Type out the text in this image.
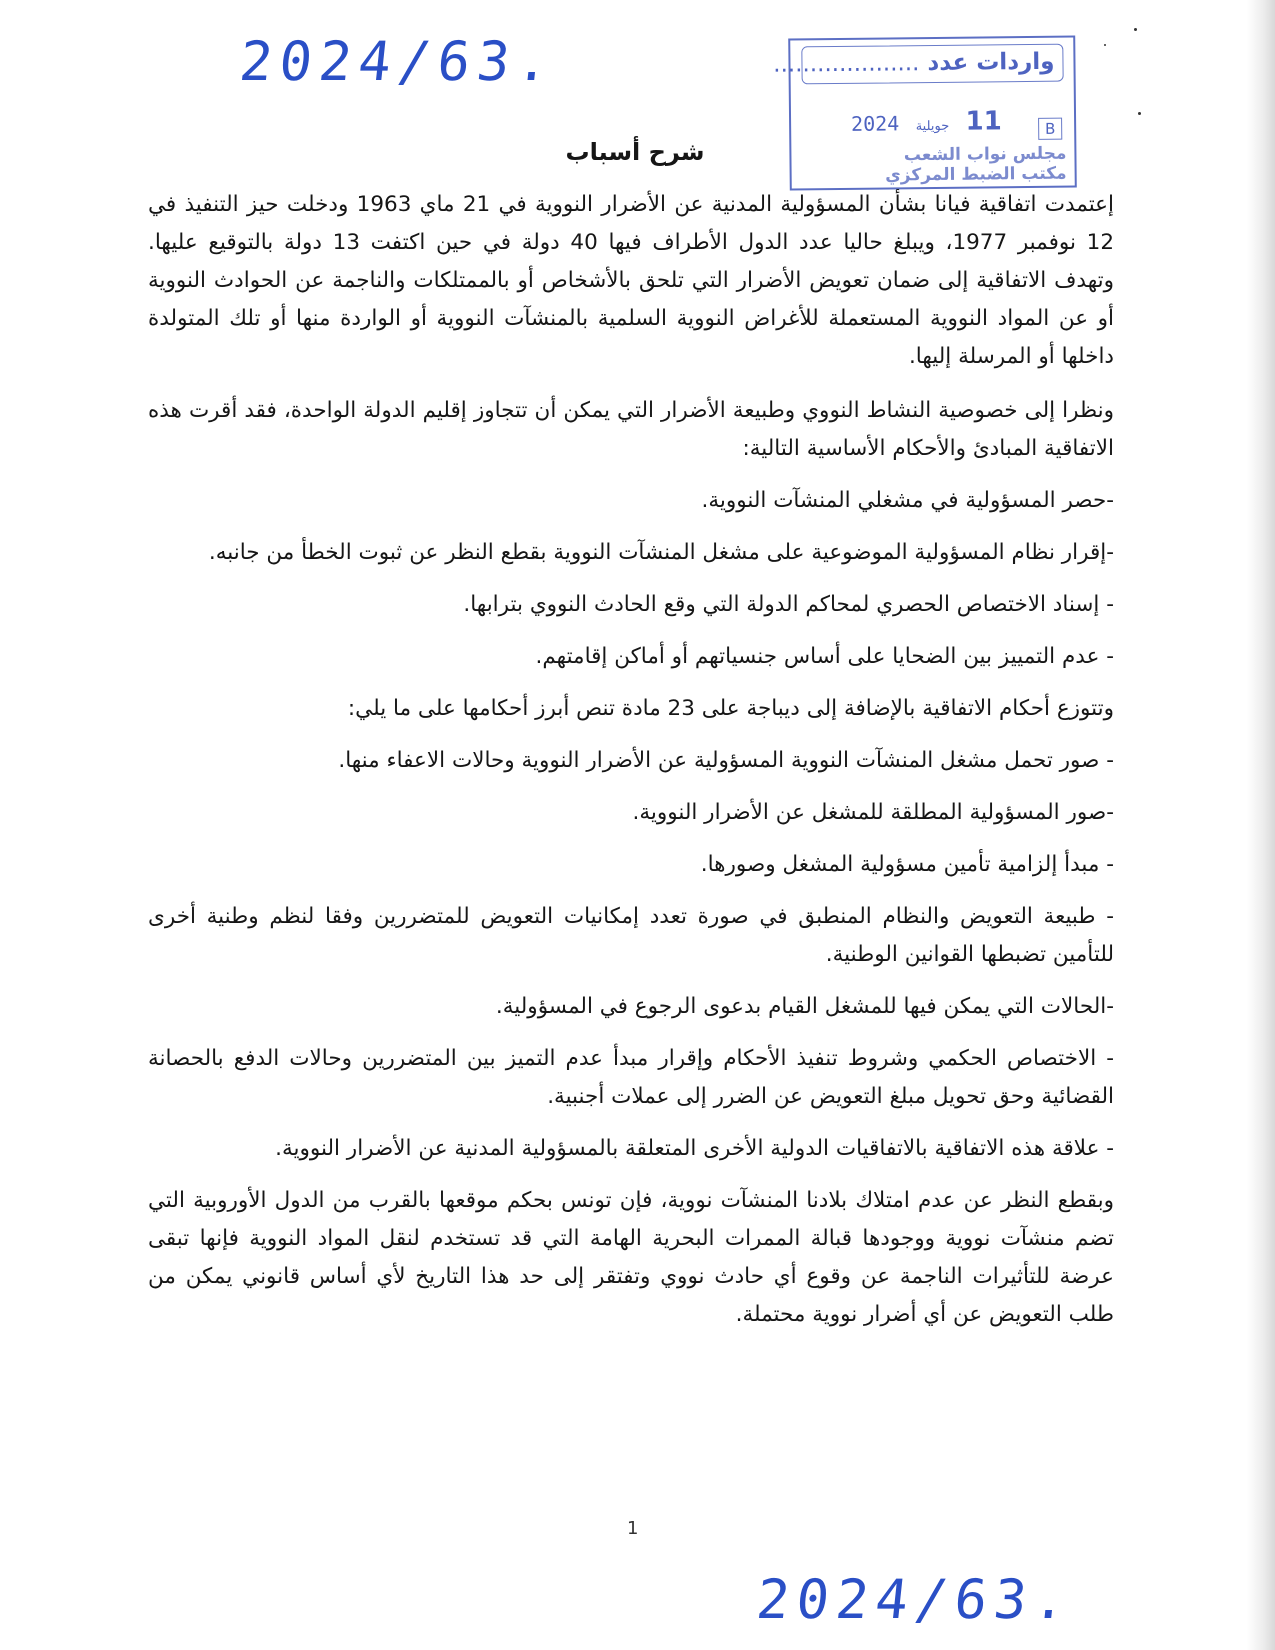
2024/63.	واردات عدد ....................
11 جويلية 2024	B
مجلس نواب الشعب
مكتب الضبط المركزي
شرح أسباب

إعتمدت اتفاقية فيانا بشأن المسؤولية المدنية عن الأضرار النووية في 21 ماي 1963 ودخلت حيز التنفيذ في 12 نوفمبر 1977، ويبلغ حاليا عدد الدول الأطراف فيها 40 دولة في حين اكتفت 13 دولة بالتوقيع عليها. وتهدف الاتفاقية إلى ضمان تعويض الأضرار التي تلحق بالأشخاص أو بالممتلكات والناجمة عن الحوادث النووية أو عن المواد النووية المستعملة للأغراض النووية السلمية بالمنشآت النووية أو الواردة منها أو تلك المتولدة داخلها أو المرسلة إليها.

ونظرا إلى خصوصية النشاط النووي وطبيعة الأضرار التي يمكن أن تتجاوز إقليم الدولة الواحدة، فقد أقرت هذه الاتفاقية المبادئ والأحكام الأساسية التالية:

-حصر المسؤولية في مشغلي المنشآت النووية.

-إقرار نظام المسؤولية الموضوعية على مشغل المنشآت النووية بقطع النظر عن ثبوت الخطأ من جانبه.

- إسناد الاختصاص الحصري لمحاكم الدولة التي وقع الحادث النووي بترابها.

- عدم التمييز بين الضحايا على أساس جنسياتهم أو أماكن إقامتهم.

وتتوزع أحكام الاتفاقية بالإضافة إلى ديباجة على 23 مادة تنص أبرز أحكامها على ما يلي:

- صور تحمل مشغل المنشآت النووية المسؤولية عن الأضرار النووية وحالات الاعفاء منها.

-صور المسؤولية المطلقة للمشغل عن الأضرار النووية.

- مبدأ إلزامية تأمين مسؤولية المشغل وصورها.

- طبيعة التعويض والنظام المنطبق في صورة تعدد إمكانيات التعويض للمتضررين وفقا لنظم وطنية أخرى للتأمين تضبطها القوانين الوطنية.

-الحالات التي يمكن فيها للمشغل القيام بدعوى الرجوع في المسؤولية.

- الاختصاص الحكمي وشروط تنفيذ الأحكام وإقرار مبدأ عدم التميز بين المتضررين وحالات الدفع بالحصانة القضائية وحق تحويل مبلغ التعويض عن الضرر إلى عملات أجنبية.

- علاقة هذه الاتفاقية بالاتفاقيات الدولية الأخرى المتعلقة بالمسؤولية المدنية عن الأضرار النووية.

وبقطع النظر عن عدم امتلاك بلادنا المنشآت نووية، فإن تونس بحكم موقعها بالقرب من الدول الأوروبية التي تضم منشآت نووية ووجودها قبالة الممرات البحرية الهامة التي قد تستخدم لنقل المواد النووية فإنها تبقى عرضة للتأثيرات الناجمة عن وقوع أي حادث نووي وتفتقر إلى حد هذا التاريخ لأي أساس قانوني يمكن من طلب التعويض عن أي أضرار نووية محتملة.

1
2024/63.
